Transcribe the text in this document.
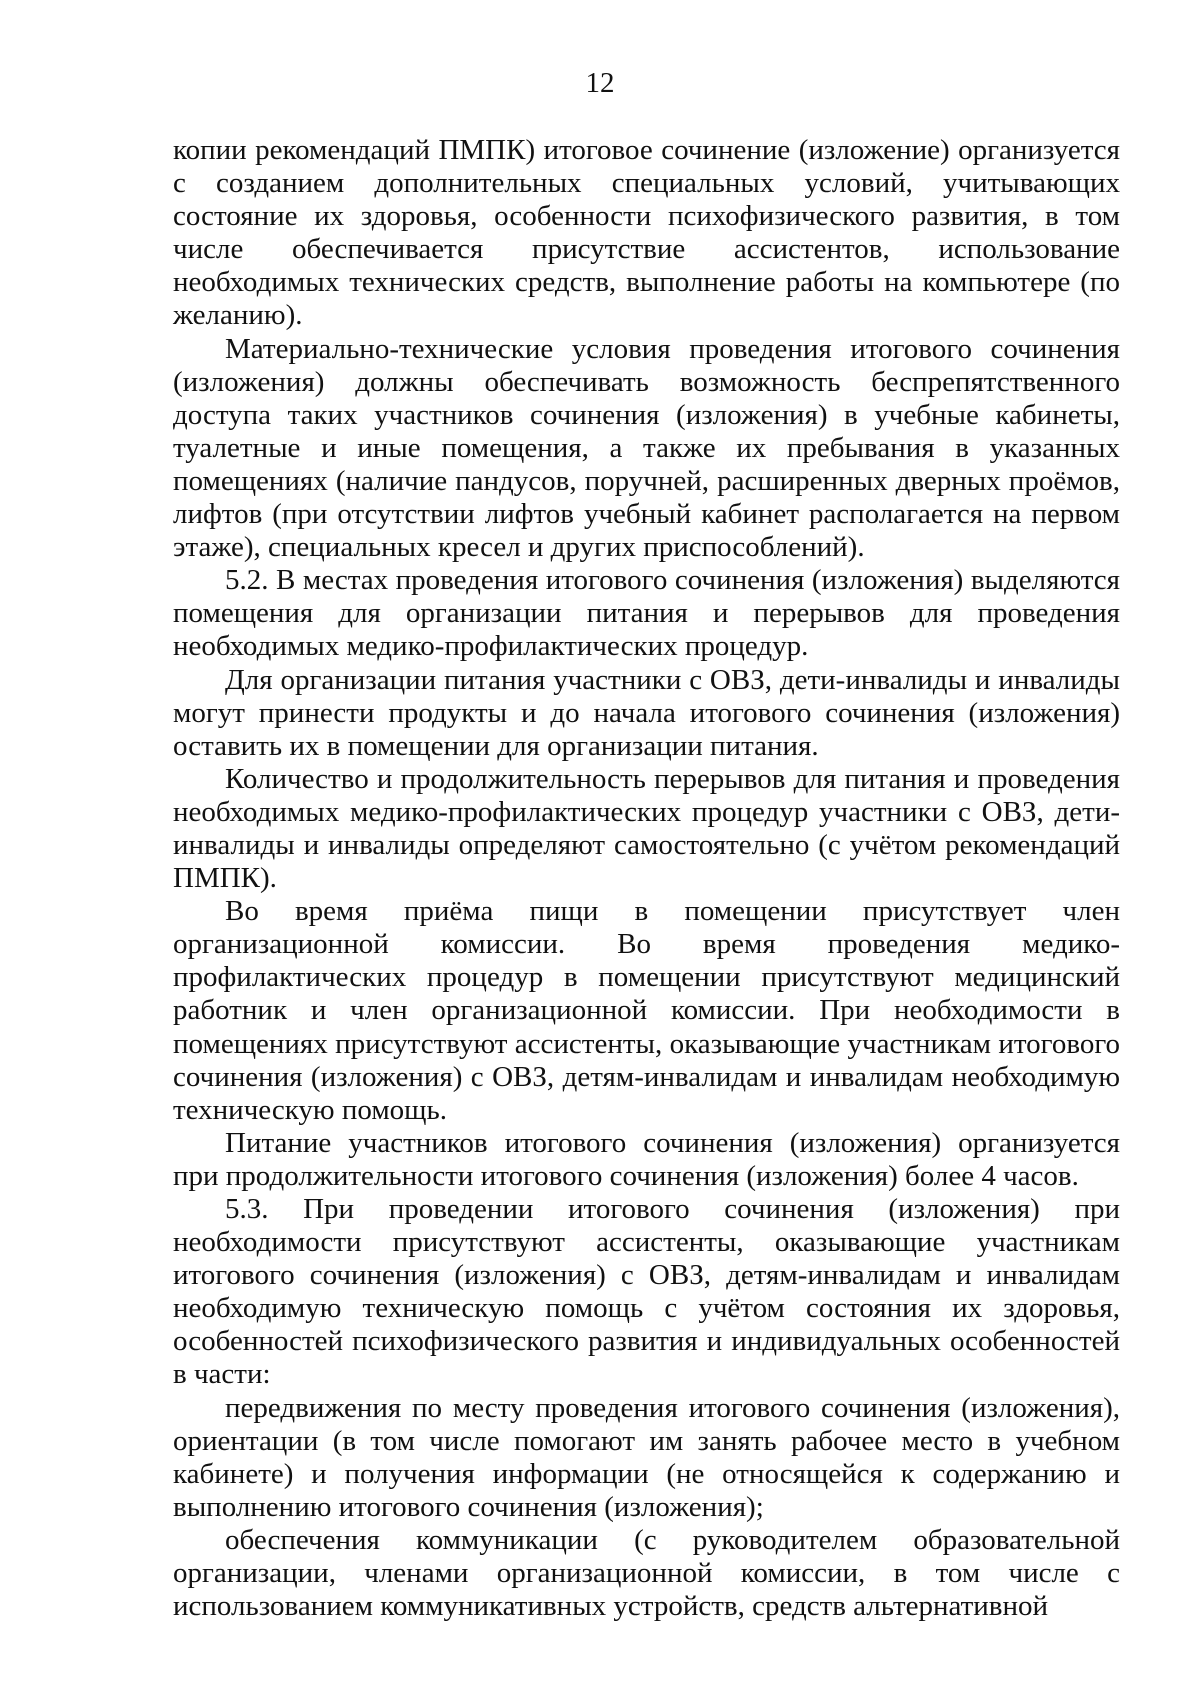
12

копии рекомендаций ПМПК) итоговое сочинение (изложение) организуется с созданием дополнительных специальных условий, учитывающих состояние их здоровья, особенности психофизического развития, в том числе обеспечивается присутствие ассистентов, использование необходимых технических средств, выполнение работы на компьютере (по желанию).

Материально-технические условия проведения итогового сочинения (изложения) должны обеспечивать возможность беспрепятственного доступа таких участников сочинения (изложения) в учебные кабинеты, туалетные и иные помещения, а также их пребывания в указанных помещениях (наличие пандусов, поручней, расширенных дверных проёмов, лифтов (при отсутствии лифтов учебный кабинет располагается на первом этаже), специальных кресел и других приспособлений).

5.2. В местах проведения итогового сочинения (изложения) выделяются помещения для организации питания и перерывов для проведения необходимых медико-профилактических процедур.

Для организации питания участники с ОВЗ, дети-инвалиды и инвалиды могут принести продукты и до начала итогового сочинения (изложения) оставить их в помещении для организации питания.

Количество и продолжительность перерывов для питания и проведения необходимых медико-профилактических процедур участники с ОВЗ, дети-инвалиды и инвалиды определяют самостоятельно (с учётом рекомендаций ПМПК).

Во время приёма пищи в помещении присутствует член организационной комиссии. Во время проведения медико-профилактических процедур в помещении присутствуют медицинский работник и член организационной комиссии. При необходимости в помещениях присутствуют ассистенты, оказывающие участникам итогового сочинения (изложения) с ОВЗ, детям-инвалидам и инвалидам необходимую техническую помощь.

Питание участников итогового сочинения (изложения) организуется при продолжительности итогового сочинения (изложения) более 4 часов.

5.3. При проведении итогового сочинения (изложения) при необходимости присутствуют ассистенты, оказывающие участникам итогового сочинения (изложения) с ОВЗ, детям-инвалидам и инвалидам необходимую техническую помощь с учётом состояния их здоровья, особенностей психофизического развития и индивидуальных особенностей в части:

передвижения по месту проведения итогового сочинения (изложения), ориентации (в том числе помогают им занять рабочее место в учебном кабинете) и получения информации (не относящейся к содержанию и выполнению итогового сочинения (изложения);

обеспечения коммуникации (с руководителем образовательной организации, членами организационной комиссии, в том числе с использованием коммуникативных устройств, средств альтернативной
